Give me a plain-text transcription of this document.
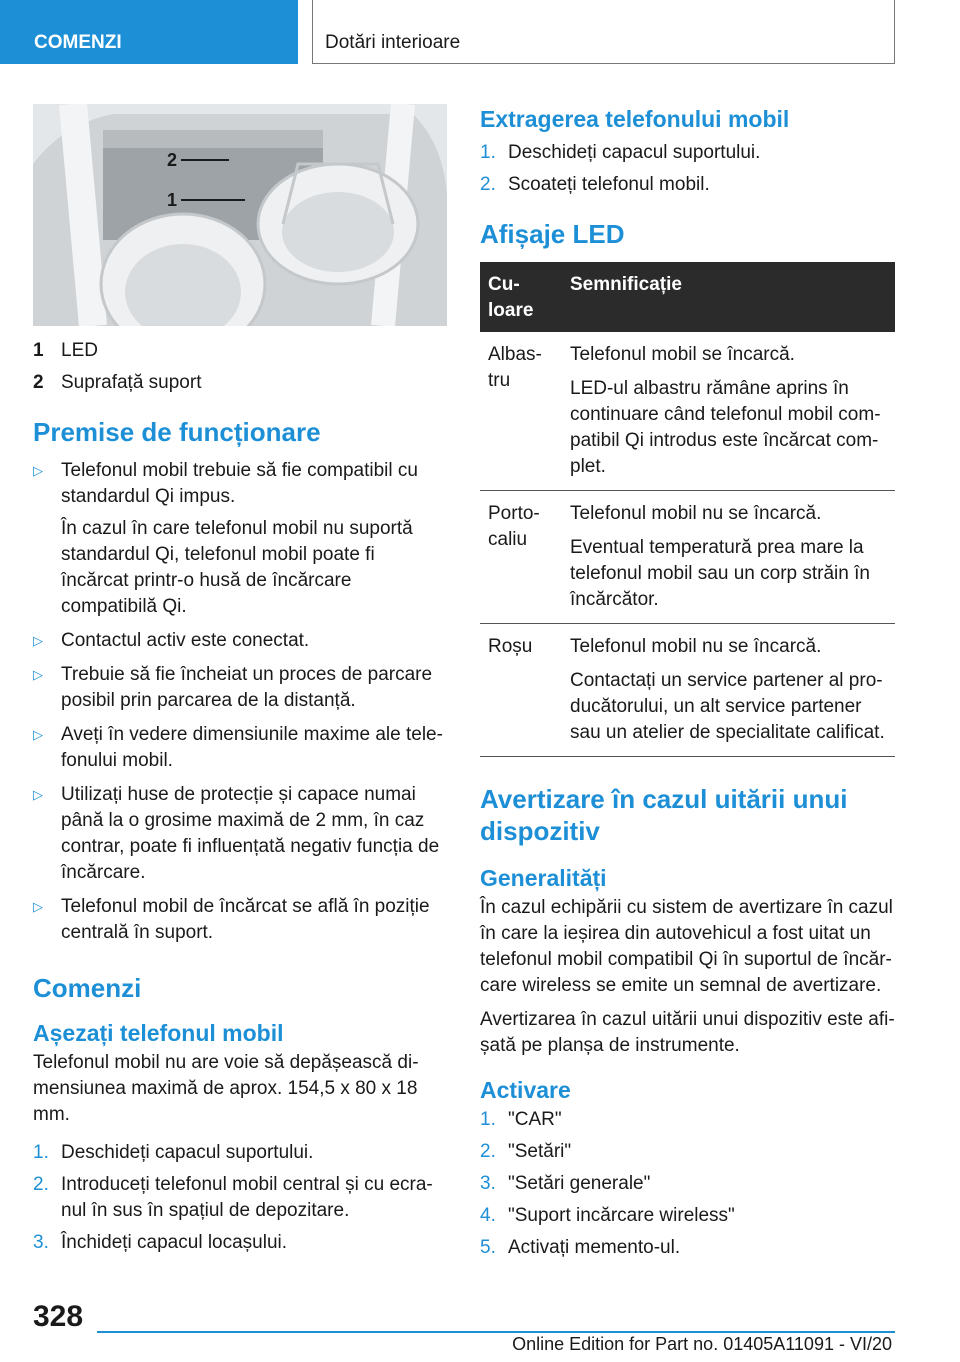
COMENZI	Dotări interioare
2
1
1 LED
2 Suprafață suport
Premise de funcționare
▷ Telefonul mobil trebuie să fie compatibil cu standardul Qi impus.

În cazul în care telefonul mobil nu suportă standardul Qi, telefonul mobil poate fi încărcat printr-o husă de încărcare compatibilă Qi.

▷ Contactul activ este conectat.

▷ Trebuie să fie încheiat un proces de parcare posibil prin parcarea de la distanță.

▷ Aveți în vedere dimensiunile maxime ale telefonului mobil.

▷ Utilizați huse de protecție și capace numai până la o grosime maximă de 2 mm, în caz contrar, poate fi influențată negativ funcția de încărcare.

▷ Telefonul mobil de încărcat se află în poziție centrală în suport.

Comenzi
Așezați telefonul mobil

Telefonul mobil nu are voie să depășească dimensiunea maximă de aprox. 154,5 x 80 x 18 mm.

1. Deschideți capacul suportului.
2. Introduceți telefonul mobil central și cu ecranul în sus în spațiul de depozitare.
3. Închideți capacul locașului.
Extragerea telefonului mobil
1. Deschideți capacul suportului.
2. Scoateți telefonul mobil.
Afișaje LED
Culoare	Semnificație
Albastru	Telefonul mobil se încarcă.

LED-ul albastru rămâne aprins în continuare când telefonul mobil compatibil Qi introdus este încărcat complet.

Portocaliu	Telefonul mobil nu se încarcă.

Eventual temperatură prea mare la telefonul mobil sau un corp străin în încărcător.

Roșu	Telefonul mobil nu se încarcă.

Contactați un service partener al producătorului, un alt service partener sau un atelier de specialitate calificat.

Avertizare în cazul uitării unui dispozitiv
Generalități

În cazul echipării cu sistem de avertizare în cazul în care la ieșirea din autovehicul a fost uitat un telefonul mobil compatibil Qi în suportul de încărcare wireless se emite un semnal de avertizare.

Avertizarea în cazul uitării unui dispozitiv este afișată pe planșa de instrumente.

Activare
1. "CAR"
2. "Setări"
3. "Setări generale"
4. "Suport incărcare wireless"
5. Activați memento-ul.
328
Online Edition for Part no. 01405A11091 - VI/20
